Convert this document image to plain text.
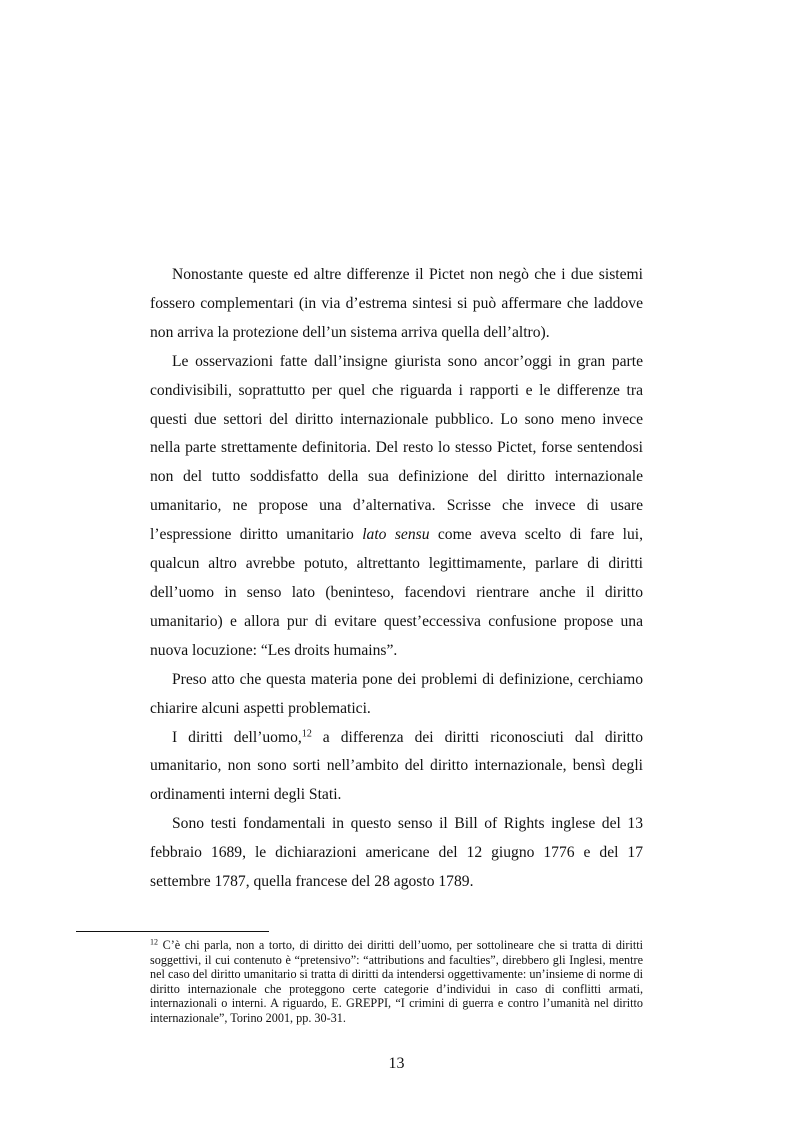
Nonostante queste ed altre differenze il Pictet non negò che i due sistemi fossero complementari (in via d’estrema sintesi si può affermare che laddove non arriva la protezione dell’un sistema arriva quella dell’altro).

Le osservazioni fatte dall’insigne giurista sono ancor’oggi in gran parte condivisibili, soprattutto per quel che riguarda i rapporti e le differenze tra questi due settori del diritto internazionale pubblico. Lo sono meno invece nella parte strettamente definitoria. Del resto lo stesso Pictet, forse sentendosi non del tutto soddisfatto della sua definizione del diritto internazionale umanitario, ne propose una d’alternativa. Scrisse che invece di usare l’espressione diritto umanitario lato sensu come aveva scelto di fare lui, qualcun altro avrebbe potuto, altrettanto legittimamente, parlare di diritti dell’uomo in senso lato (beninteso, facendovi rientrare anche il diritto umanitario) e allora pur di evitare quest’eccessiva confusione propose una nuova locuzione: “Les droits humains”.

Preso atto che questa materia pone dei problemi di definizione, cerchiamo chiarire alcuni aspetti problematici.

I diritti dell’uomo,$^{12}$ a differenza dei diritti riconosciuti dal diritto umanitario, non sono sorti nell’ambito del diritto internazionale, bensì degli ordinamenti interni degli Stati.

Sono testi fondamentali in questo senso il Bill of Rights inglese del 13 febbraio 1689, le dichiarazioni americane del 12 giugno 1776 e del 17 settembre 1787, quella francese del 28 agosto 1789.

$^{12}$ C’è chi parla, non a torto, di diritto dei diritti dell’uomo, per sottolineare che si tratta di diritti soggettivi, il cui contenuto è “pretensivo”: “attributions and faculties”, direbbero gli Inglesi, mentre nel caso del diritto umanitario si tratta di diritti da intendersi oggettivamente: un’insieme di norme di diritto internazionale che proteggono certe categorie d’individui in caso di conflitti armati, internazionali o interni. A riguardo, E. GREPPI, “I crimini di guerra e contro l’umanità nel diritto internazionale”, Torino 2001, pp. 30-31.

13
